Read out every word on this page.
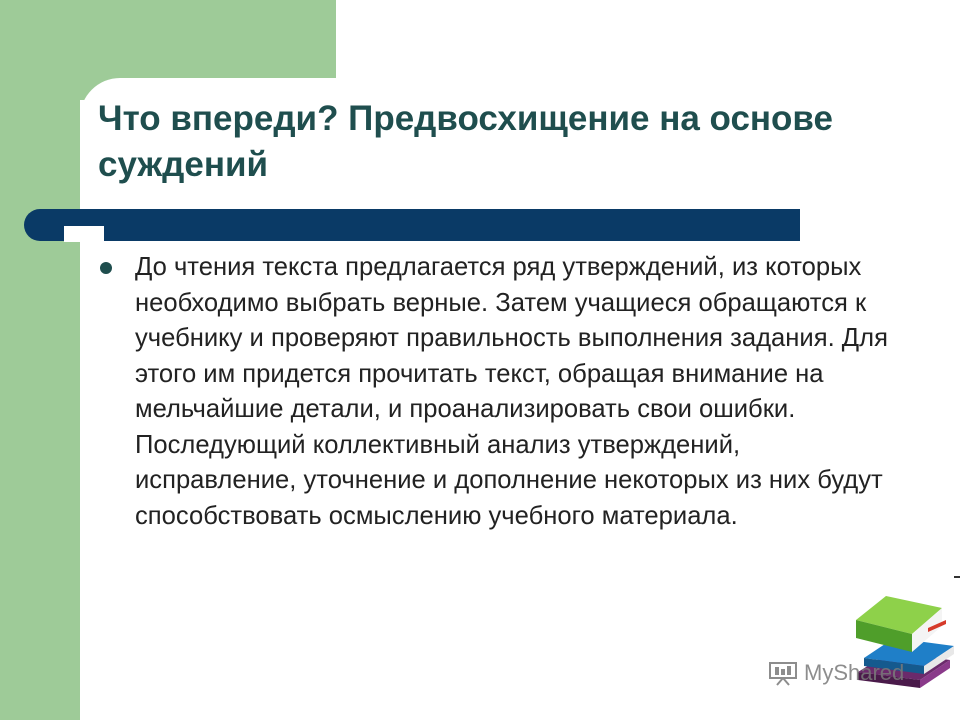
Что впереди? Предвосхищение на основе суждений

До чтения текста предлагается ряд утверждений, из которых необходимо выбрать верные. Затем учащиеся обращаются к учебнику и проверяют правильность выполнения задания. Для этого им придется прочитать текст, обращая внимание на мельчайшие детали, и проанализировать свои ошибки. Последующий коллективный анализ утверждений, исправление, уточнение и дополнение некоторых из них будут способствовать осмыслению учебного материала.

MyShared
